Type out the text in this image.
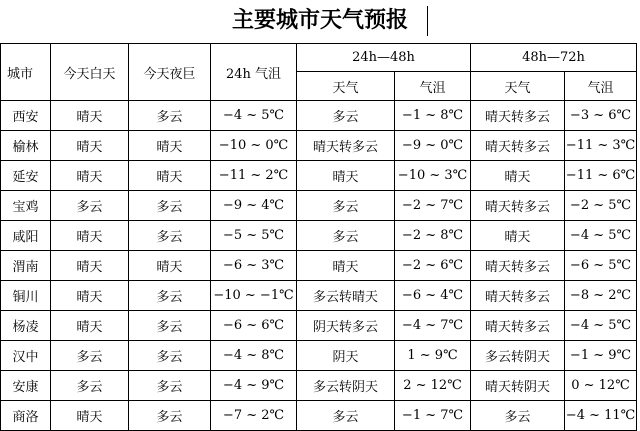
主要城市天气预报
城市	今天白天	今天夜巨	24h 气沮	24h—48h		48h—72h	
				天气	气沮	天气	气沮
西安	晴天	多云	−4 ~ 5℃	多云	−1 ~ 8℃	晴天转多云	−3 ~ 6℃
榆林	晴天	晴天	−10 ~ 0℃	晴天转多云	−9 ~ 0℃	晴天转多云	−11 ~ 3℃
延安	晴天	晴天	−11 ~ 2℃	晴天	−10 ~ 3℃	晴天	−11 ~ 6℃
宝鸡	多云	多云	−9 ~ 4℃	多云	−2 ~ 7℃	晴天转多云	−2 ~ 5℃
咸阳	晴天	多云	−5 ~ 5℃	多云	−2 ~ 8℃	晴天	−4 ~ 5℃
渭南	晴天	晴天	−6 ~ 3℃	晴天	−2 ~ 6℃	晴天转多云	−6 ~ 5℃
铜川	晴天	多云	−10 ~ −1℃	多云转晴天	−6 ~ 4℃	晴天转多云	−8 ~ 2℃
杨凌	晴天	多云	−6 ~ 6℃	阴天转多云	−4 ~ 7℃	晴天转多云	−4 ~ 5℃
汉中	多云	多云	−4 ~ 8℃	阴天	1 ~ 9℃	多云转阴天	−1 ~ 9℃
安康	多云	多云	−4 ~ 9℃	多云转阴天	2 ~ 12℃	晴天转阴天	0 ~ 12℃
商洛	晴天	多云	−7 ~ 2℃	多云	−1 ~ 7℃	多云	−4 ~ 11℃
